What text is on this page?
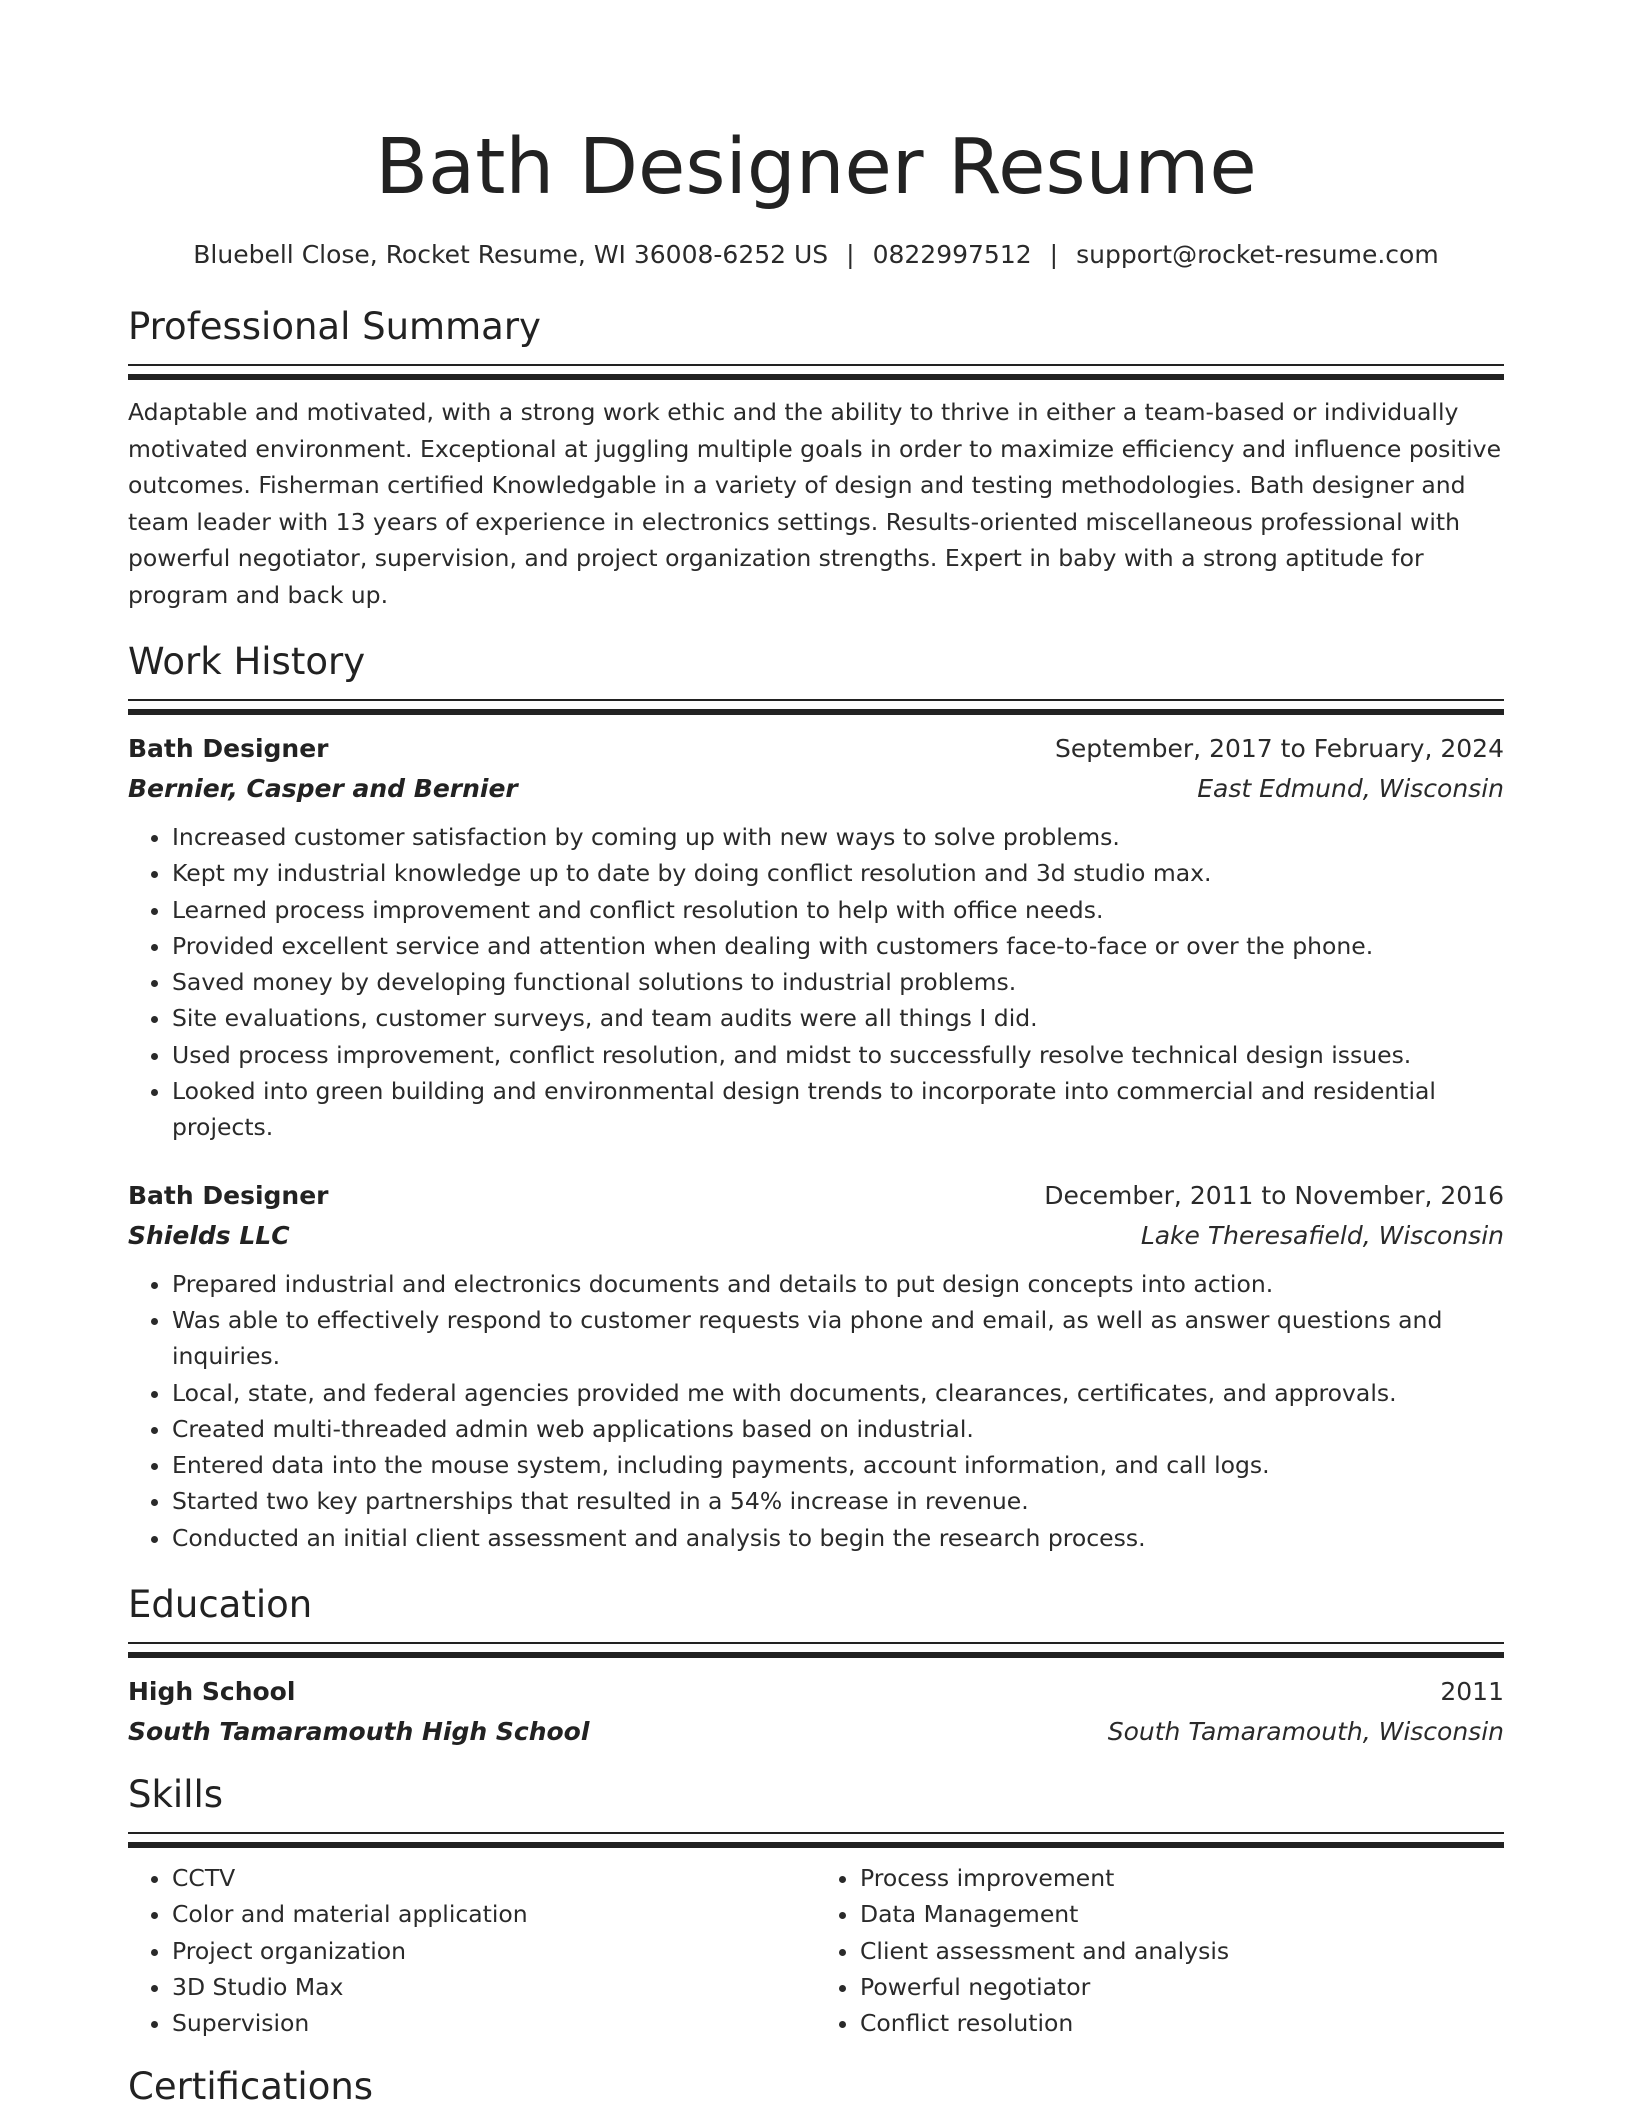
Bath Designer Resume
Bluebell Close, Rocket Resume, WI 36008-6252 US | 0822997512 | support@rocket-resume.com
Professional Summary
Adaptable and motivated, with a strong work ethic and the ability to thrive in either a team-based or individually motivated environment. Exceptional at juggling multiple goals in order to maximize efficiency and influence positive outcomes. Fisherman certified Knowledgable in a variety of design and testing methodologies. Bath designer and team leader with 13 years of experience in electronics settings. Results-oriented miscellaneous professional with powerful negotiator, supervision, and project organization strengths. Expert in baby with a strong aptitude for program and back up.
Work History
Bath Designer	September, 2017 to February, 2024
Bernier, Casper and Bernier	East Edmund, Wisconsin
• Increased customer satisfaction by coming up with new ways to solve problems.
• Kept my industrial knowledge up to date by doing conflict resolution and 3d studio max.
• Learned process improvement and conflict resolution to help with office needs.
• Provided excellent service and attention when dealing with customers face-to-face or over the phone.
• Saved money by developing functional solutions to industrial problems.
• Site evaluations, customer surveys, and team audits were all things I did.
• Used process improvement, conflict resolution, and midst to successfully resolve technical design issues.
• Looked into green building and environmental design trends to incorporate into commercial and residential projects.
Bath Designer	December, 2011 to November, 2016
Shields LLC	Lake Theresafield, Wisconsin
• Prepared industrial and electronics documents and details to put design concepts into action.
• Was able to effectively respond to customer requests via phone and email, as well as answer questions and inquiries.
• Local, state, and federal agencies provided me with documents, clearances, certificates, and approvals.
• Created multi-threaded admin web applications based on industrial.
• Entered data into the mouse system, including payments, account information, and call logs.
• Started two key partnerships that resulted in a 54% increase in revenue.
• Conducted an initial client assessment and analysis to begin the research process.
Education
High School	2011
South Tamaramouth High School	South Tamaramouth, Wisconsin
Skills
• CCTV
• Color and material application
• Project organization
• 3D Studio Max
• Supervision
• Process improvement
• Data Management
• Client assessment and analysis
• Powerful negotiator
• Conflict resolution
Certifications
